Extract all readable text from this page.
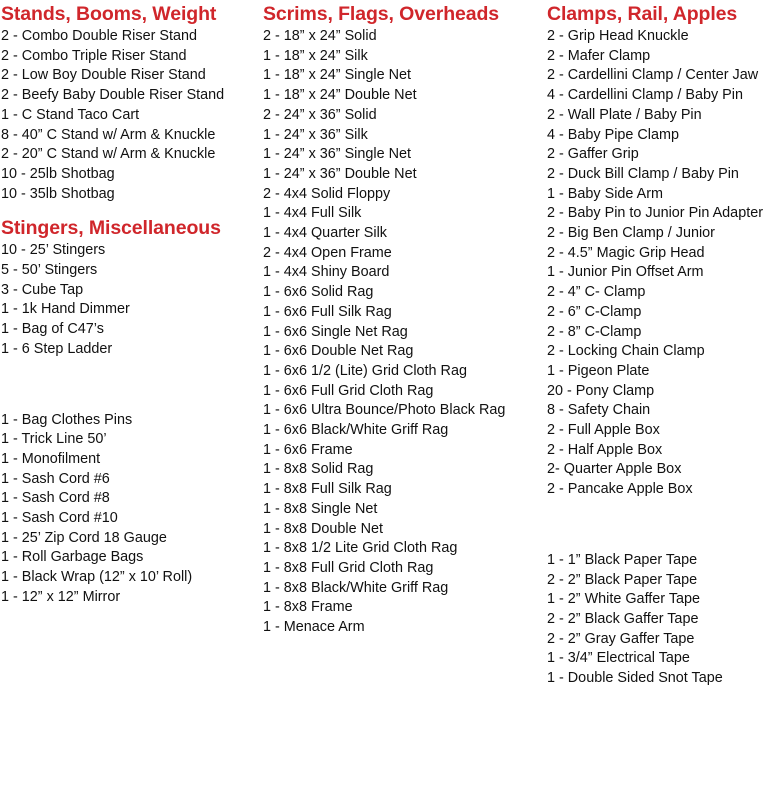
Stands, Booms, Weight
2 - Combo Double Riser Stand
2 - Combo Triple Riser Stand
2 - Low Boy Double Riser Stand
2 - Beefy Baby Double Riser Stand
1 - C Stand Taco Cart
8 - 40” C Stand w/ Arm & Knuckle
2 - 20” C Stand w/ Arm & Knuckle
10 - 25lb Shotbag
10 - 35lb Shotbag
Stingers, Miscellaneous
10 - 25’ Stingers
5 - 50’ Stingers
3 - Cube Tap
1 - 1k Hand Dimmer
1 - Bag of C47’s
1 - 6 Step Ladder
1 - Bag Clothes Pins
1 - Trick Line 50’
1 - Monofilment
1 - Sash Cord #6
1 - Sash Cord #8
1 - Sash Cord #10
1 - 25’ Zip Cord 18 Gauge
1 - Roll Garbage Bags
1 - Black Wrap (12” x 10’ Roll)
1 - 12” x 12” Mirror
Scrims, Flags, Overheads
2 - 18” x 24” Solid
1 - 18” x 24” Silk
1 - 18” x 24” Single Net
1 - 18” x 24” Double Net
2 - 24” x 36” Solid
1 - 24” x 36” Silk
1 - 24” x 36” Single Net
1 - 24” x 36” Double Net
2 - 4x4 Solid Floppy
1 - 4x4 Full Silk
1 - 4x4 Quarter Silk
2 - 4x4 Open Frame
1 - 4x4 Shiny Board
1 - 6x6 Solid Rag
1 - 6x6 Full Silk Rag
1 - 6x6 Single Net Rag
1 - 6x6 Double Net Rag
1 - 6x6 1/2 (Lite) Grid Cloth Rag
1 - 6x6 Full Grid Cloth Rag
1 - 6x6 Ultra Bounce/Photo Black Rag
1 - 6x6 Black/White Griff Rag
1 - 6x6 Frame
1 - 8x8 Solid Rag
1 - 8x8 Full Silk Rag
1 - 8x8 Single Net
1 - 8x8 Double Net
1 - 8x8 1/2 Lite Grid Cloth Rag
1 - 8x8 Full Grid Cloth Rag
1 - 8x8 Black/White Griff Rag
1 - 8x8 Frame
1 - Menace Arm
Clamps, Rail, Apples
2 - Grip Head Knuckle
2 - Mafer Clamp
2 - Cardellini Clamp / Center Jaw
4 - Cardellini Clamp / Baby Pin
2 - Wall Plate / Baby Pin
4 - Baby Pipe Clamp
2 - Gaffer Grip
2 - Duck Bill Clamp / Baby Pin
1 - Baby Side Arm
2 - Baby Pin to Junior Pin Adapter
2 - Big Ben Clamp / Junior
2 - 4.5” Magic Grip Head
1 - Junior Pin Offset Arm
2 - 4” C- Clamp
2 - 6” C-Clamp
2 - 8” C-Clamp
2 - Locking Chain Clamp
1 - Pigeon Plate
20 - Pony Clamp
8 - Safety Chain
2 - Full Apple Box
2 - Half Apple Box
2- Quarter Apple Box
2 - Pancake Apple Box
1 - 1” Black Paper Tape
2 - 2” Black Paper Tape
1 - 2” White Gaffer Tape
2 - 2” Black Gaffer Tape
2 - 2” Gray Gaffer Tape
1 - 3/4” Electrical Tape
1 - Double Sided Snot Tape
